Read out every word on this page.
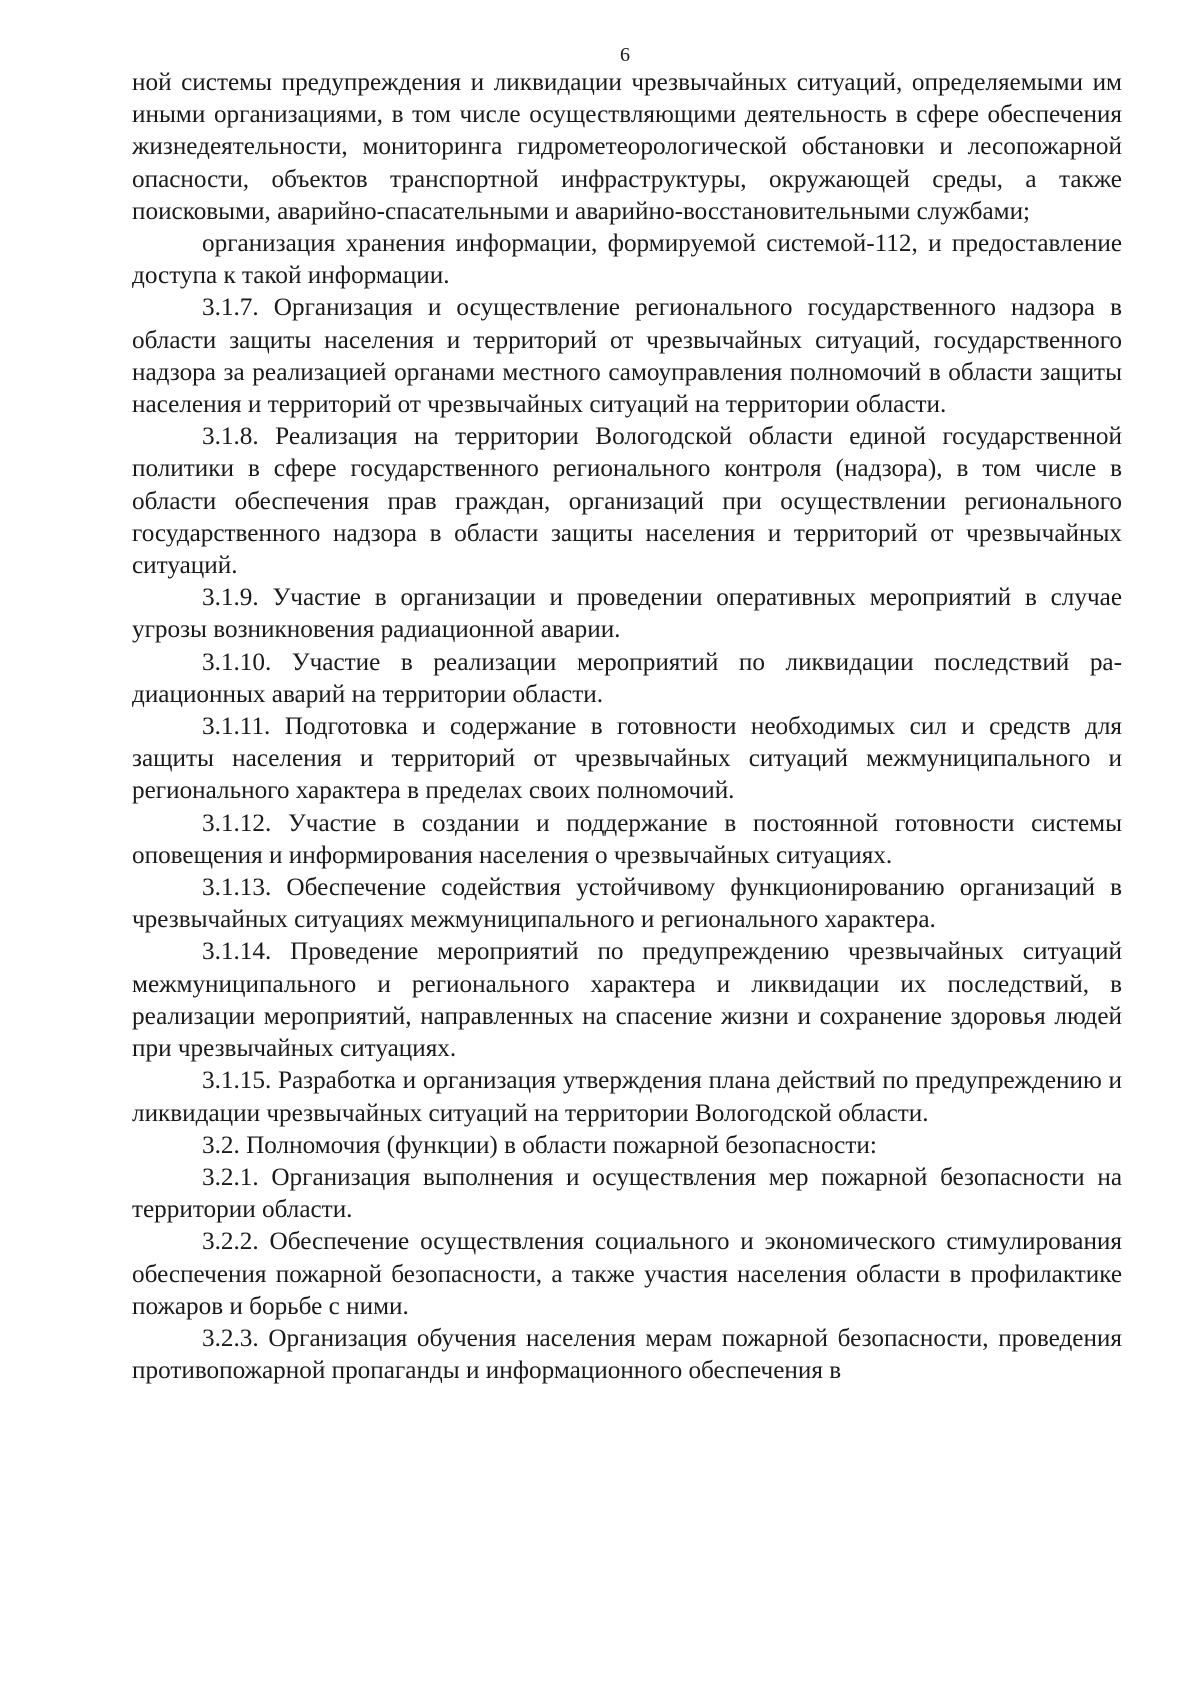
6

ной системы предупреждения и ликвидации чрезвычайных ситуаций, определяемыми им иными организациями, в том числе осуществляющими деятельность в сфере обеспечения жизнедеятельности, мониторинга гидрометеорологической обстановки и лесопожарной опасности, объектов транспортной инфраструктуры, окружающей среды, а также поисковыми, аварийно-спасательными и аварийно-восстановительными службами;

организация хранения информации, формируемой системой-112, и предоставление доступа к такой информации.

3.1.7. Организация и осуществление регионального государственного надзора в области защиты населения и территорий от чрезвычайных ситуаций, государственного надзора за реализацией органами местного самоуправления полномочий в области защиты населения и территорий от чрезвычайных ситуаций на территории области.

3.1.8. Реализация на территории Вологодской области единой государственной политики в сфере государственного регионального контроля (надзора), в том числе в области обеспечения прав граждан, организаций при осуществлении регионального государственного надзора в области защиты населения и территорий от чрезвычайных ситуаций.

3.1.9. Участие в организации и проведении оперативных мероприятий в случае угрозы возникновения радиационной аварии.

3.1.10. Участие в реализации мероприятий по ликвидации последствий радиационных аварий на территории области.

3.1.11. Подготовка и содержание в готовности необходимых сил и средств для защиты населения и территорий от чрезвычайных ситуаций межмуниципального и регионального характера в пределах своих полномочий.

3.1.12. Участие в создании и поддержание в постоянной готовности системы оповещения и информирования населения о чрезвычайных ситуациях.

3.1.13. Обеспечение содействия устойчивому функционированию организаций в чрезвычайных ситуациях межмуниципального и регионального характера.

3.1.14. Проведение мероприятий по предупреждению чрезвычайных ситуаций межмуниципального и регионального характера и ликвидации их последствий, в реализации мероприятий, направленных на спасение жизни и сохранение здоровья людей при чрезвычайных ситуациях.

3.1.15. Разработка и организация утверждения плана действий по предупреждению и ликвидации чрезвычайных ситуаций на территории Вологодской области.

3.2. Полномочия (функции) в области пожарной безопасности:

3.2.1. Организация выполнения и осуществления мер пожарной безопасности на территории области.

3.2.2. Обеспечение осуществления социального и экономического стимулирования обеспечения пожарной безопасности, а также участия населения области в профилактике пожаров и борьбе с ними.

3.2.3. Организация обучения населения мерам пожарной безопасности, проведения противопожарной пропаганды и информационного обеспечения в
